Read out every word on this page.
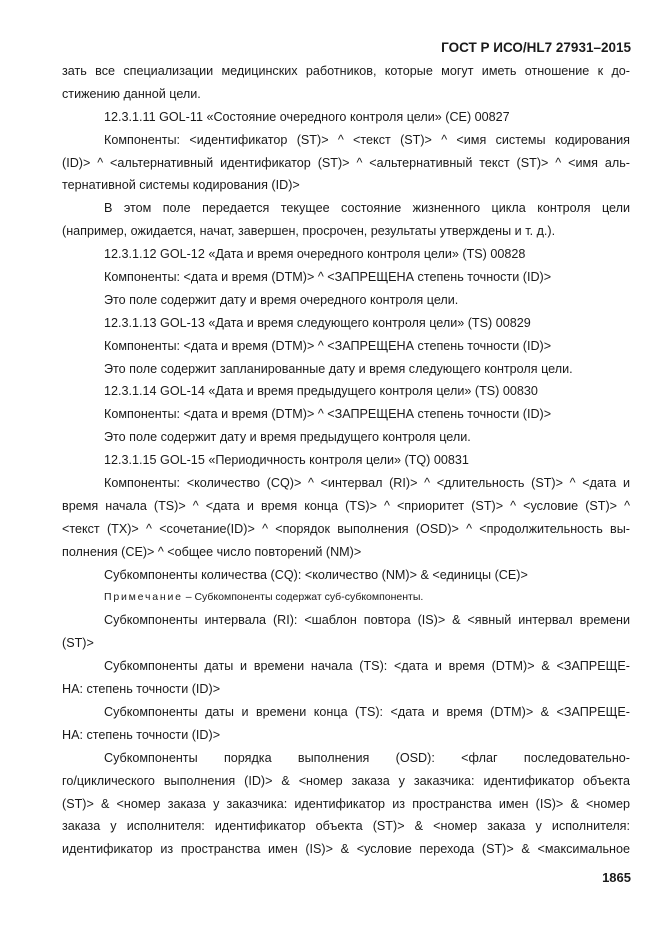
ГОСТ Р ИСО/HL7 27931–2015
зать все специализации медицинских работников, которые могут иметь отношение к до-
стижению данной цели.
12.3.1.11 GOL-11 «Состояние очередного контроля цели» (CE) 00827
Компоненты: <идентификатор (ST)> ^ <текст (ST)> ^ <имя системы кодирования
(ID)> ^ <альтернативный идентификатор (ST)> ^ <альтернативный текст (ST)> ^ <имя аль-
тернативной системы кодирования (ID)>
В этом поле передается текущее состояние жизненного цикла контроля цели
(например, ожидается, начат, завершен, просрочен, результаты утверждены и т. д.).
12.3.1.12 GOL-12 «Дата и время очередного контроля цели» (TS) 00828
Компоненты: <дата и время (DTM)> ^ <ЗАПРЕЩЕНА степень точности (ID)>
Это поле содержит дату и время очередного контроля цели.
12.3.1.13 GOL-13 «Дата и время следующего контроля цели» (TS) 00829
Компоненты: <дата и время (DTM)> ^ <ЗАПРЕЩЕНА степень точности (ID)>
Это поле содержит запланированные дату и время следующего контроля цели.
12.3.1.14 GOL-14 «Дата и время предыдущего контроля цели» (TS) 00830
Компоненты: <дата и время (DTM)> ^ <ЗАПРЕЩЕНА степень точности (ID)>
Это поле содержит дату и время предыдущего контроля цели.
12.3.1.15 GOL-15 «Периодичность контроля цели» (TQ) 00831
Компоненты: <количество (CQ)> ^ <интервал (RI)> ^ <длительность (ST)> ^ <дата и
время начала (TS)> ^ <дата и время конца (TS)> ^ <приоритет (ST)> ^ <условие (ST)> ^
<текст (TX)> ^ <сочетание(ID)> ^ <порядок выполнения (OSD)> ^ <продолжительность вы-
полнения (CE)> ^ <общее число повторений (NM)>
Субкомпоненты количества (CQ): <количество (NM)> & <единицы (CE)>
Примечание – Субкомпоненты содержат суб-субкомпоненты.
Субкомпоненты интервала (RI): <шаблон повтора (IS)> & <явный интервал времени
(ST)>
Субкомпоненты даты и времени начала (TS): <дата и время (DTM)> & <ЗАПРЕЩЕ-
НА: степень точности (ID)>
Субкомпоненты даты и времени конца (TS): <дата и время (DTM)> & <ЗАПРЕЩЕ-
НА: степень точности (ID)>
Субкомпоненты порядка выполнения (OSD): <флаг последовательно-
го/циклического выполнения (ID)> & <номер заказа у заказчика: идентификатор объекта
(ST)> & <номер заказа у заказчика: идентификатор из пространства имен (IS)> & <номер
заказа у исполнителя: идентификатор объекта (ST)> & <номер заказа у исполнителя:
идентификатор из пространства имен (IS)> & <условие перехода (ST)> & <максимальное
1865
